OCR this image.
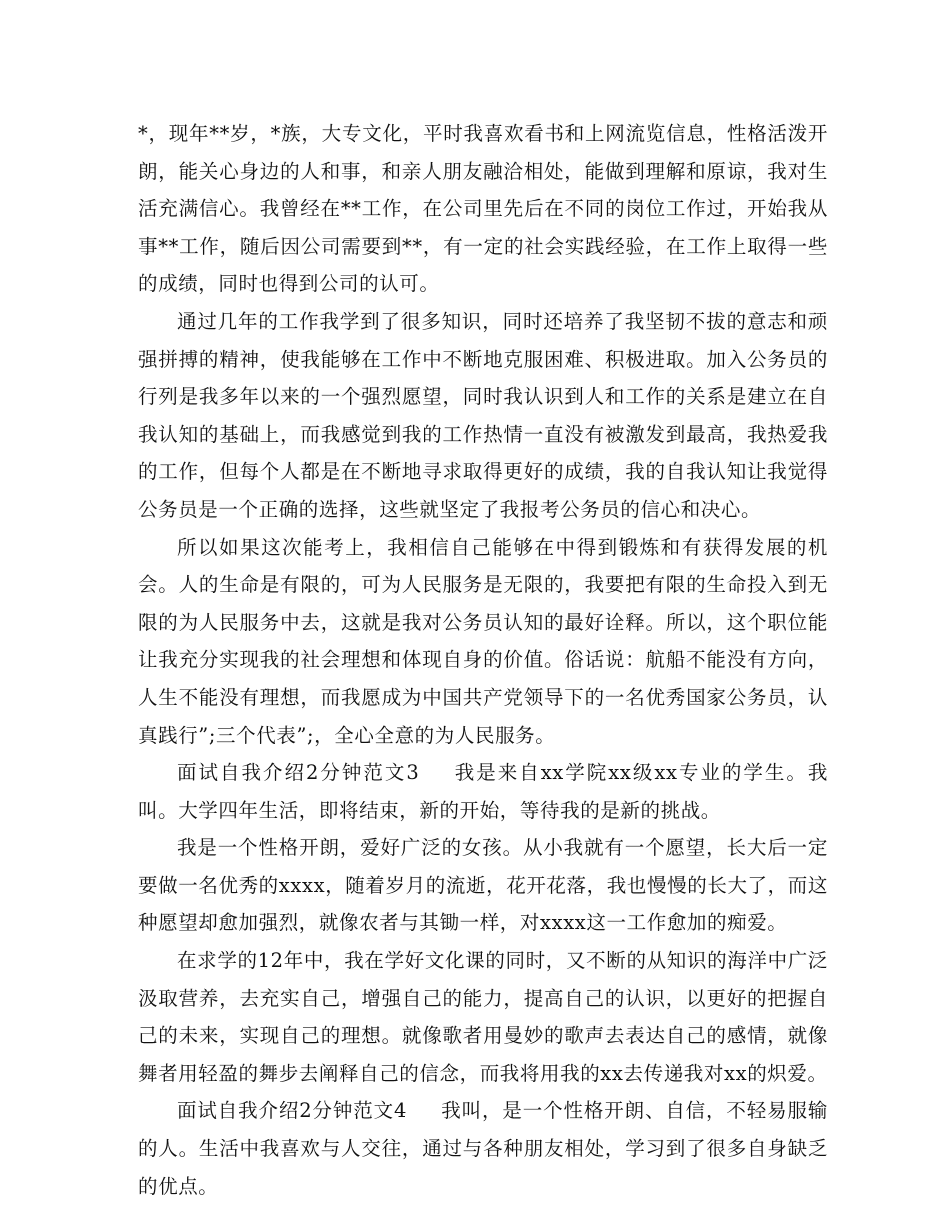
*，现年**岁，*族，大专文化，平时我喜欢看书和上网流览信息，性格活泼开朗，能关心身边的人和事，和亲人朋友融洽相处，能做到理解和原谅，我对生活充满信心。我曾经在**工作，在公司里先后在不同的岗位工作过，开始我从事**工作，随后因公司需要到**，有一定的社会实践经验，在工作上取得一些的成绩，同时也得到公司的认可。

通过几年的工作我学到了很多知识，同时还培养了我坚韧不拔的意志和顽强拼搏的精神，使我能够在工作中不断地克服困难、积极进取。加入公务员的行列是我多年以来的一个强烈愿望，同时我认识到人和工作的关系是建立在自我认知的基础上，而我感觉到我的工作热情一直没有被激发到最高，我热爱我的工作，但每个人都是在不断地寻求取得更好的成绩，我的自我认知让我觉得公务员是一个正确的选择，这些就坚定了我报考公务员的信心和决心。

所以如果这次能考上，我相信自己能够在中得到锻炼和有获得发展的机会。人的生命是有限的，可为人民服务是无限的，我要把有限的生命投入到无限的为人民服务中去，这就是我对公务员认知的最好诠释。所以，这个职位能让我充分实现我的社会理想和体现自身的价值。俗话说：航船不能没有方向，人生不能没有理想，而我愿成为中国共产党领导下的一名优秀国家公务员，认真践行”;三个代表”;，全心全意的为人民服务。

面试自我介绍2分钟范文3 我是来自xx学院xx级xx专业的学生。我叫。大学四年生活，即将结束，新的开始，等待我的是新的挑战。

我是一个性格开朗，爱好广泛的女孩。从小我就有一个愿望，长大后一定要做一名优秀的xxxx，随着岁月的流逝，花开花落，我也慢慢的长大了，而这种愿望却愈加强烈，就像农者与其锄一样，对xxxx这一工作愈加的痴爱。

在求学的12年中，我在学好文化课的同时，又不断的从知识的海洋中广泛汲取营养，去充实自己，增强自己的能力，提高自己的认识，以更好的把握自己的未来，实现自己的理想。就像歌者用曼妙的歌声去表达自己的感情，就像舞者用轻盈的舞步去阐释自己的信念，而我将用我的xx去传递我对xx的炽爱。

面试自我介绍2分钟范文4 我叫，是一个性格开朗、自信，不轻易服输的人。生活中我喜欢与人交往，通过与各种朋友相处，学习到了很多自身缺乏的优点。
